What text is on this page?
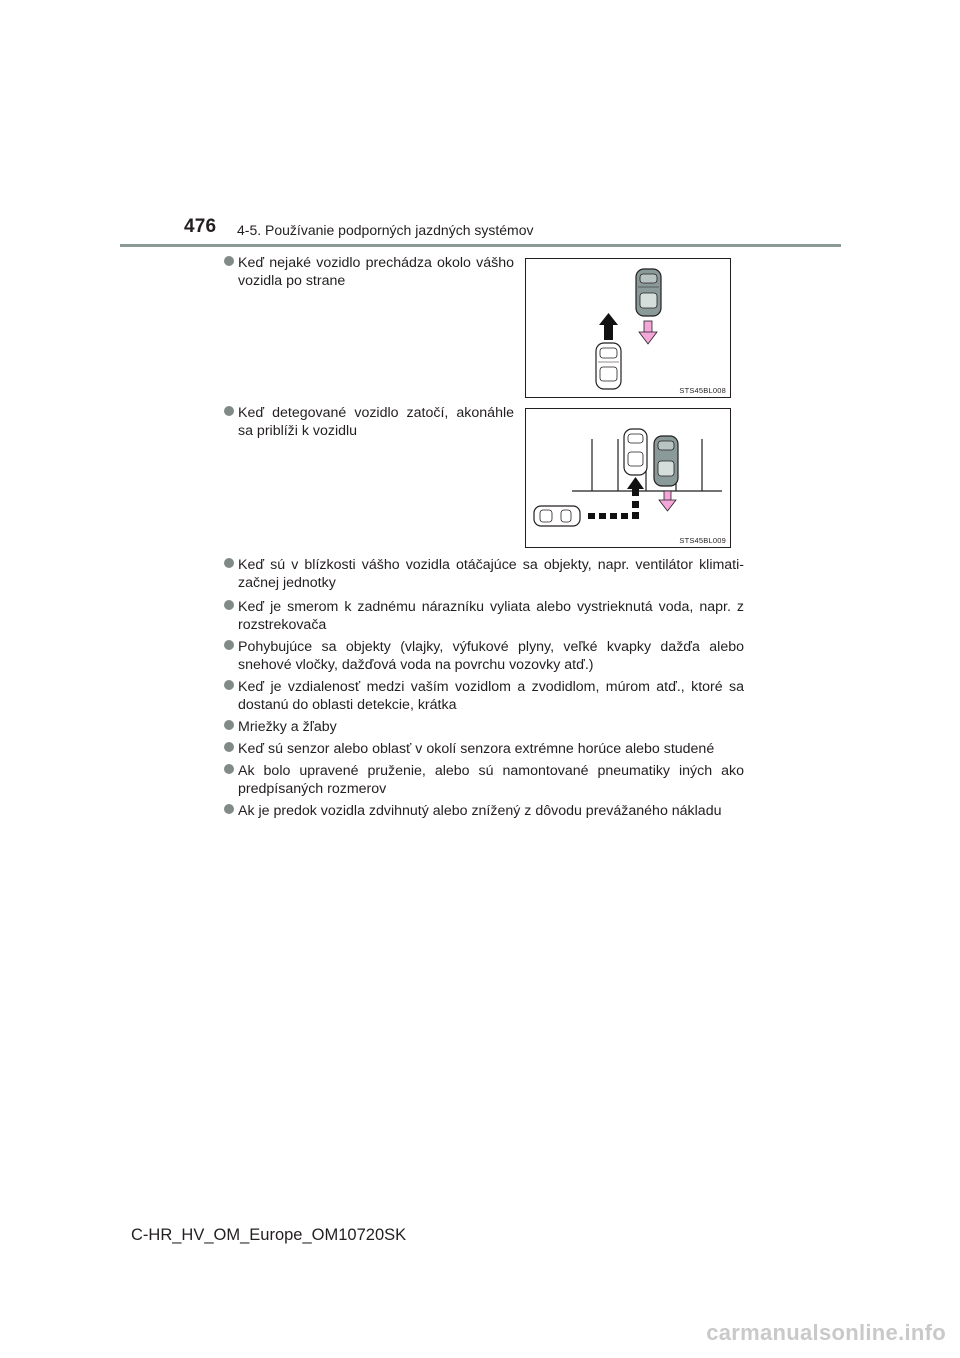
476 4-5. Používanie podporných jazdných systémov
Keď nejaké vozidlo prechádza okolo vášho vozidla po strane
STS45BL008
Keď detegované vozidlo zatočí, akonáhle sa priblíži k vozidlu
STS45BL009
Keď sú v blízkosti vášho vozidla otáčajúce sa objekty, napr. ventilátor klimati- začnej jednotky
Keď je smerom k zadnému nárazníku vyliata alebo vystrieknutá voda, napr. z rozstrekovača
Pohybujúce sa objekty (vlajky, výfukové plyny, veľké kvapky dažďa alebo snehové vločky, dažďová voda na povrchu vozovky atď.)
Keď je vzdialenosť medzi vaším vozidlom a zvodidlom, múrom atď., ktoré sa dostanú do oblasti detekcie, krátka
Mriežky a žľaby
Keď sú senzor alebo oblasť v okolí senzora extrémne horúce alebo studené
Ak bolo upravené pruženie, alebo sú namontované pneumatiky iných ako predpísaných rozmerov
Ak je predok vozidla zdvihnutý alebo znížený z dôvodu prevážaného nákladu
C-HR_HV_OM_Europe_OM10720SK
carmanualsonline.info
